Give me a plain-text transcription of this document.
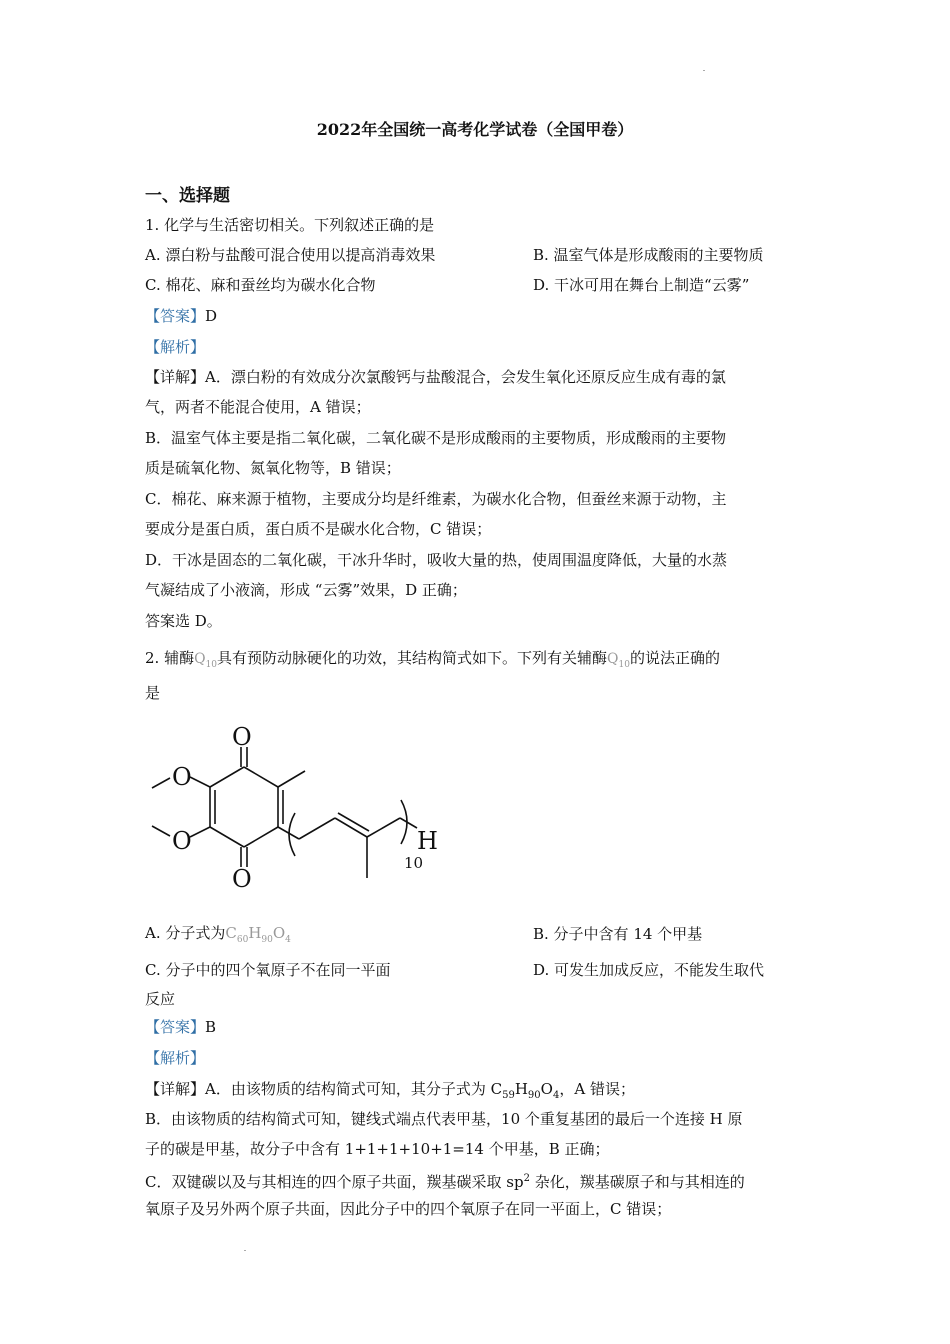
2022年全国统一高考化学试卷（全国甲卷）
一、选择题
1. 化学与生活密切相关。下列叙述正确的是
A. 漂白粉与盐酸可混合使用以提高消毒效果	B. 温室气体是形成酸雨的主要物质
C. 棉花、麻和蚕丝均为碳水化合物	D. 干冰可用在舞台上制造“云雾”
【答案】D
【解析】
【详解】A．漂白粉的有效成分次氯酸钙与盐酸混合，会发生氧化还原反应生成有毒的氯
气，两者不能混合使用，A 错误；
B．温室气体主要是指二氧化碳，二氧化碳不是形成酸雨的主要物质，形成酸雨的主要物
质是硫氧化物、氮氧化物等，B 错误；
C．棉花、麻来源于植物，主要成分均是纤维素，为碳水化合物，但蚕丝来源于动物，主
要成分是蛋白质，蛋白质不是碳水化合物，C 错误；
D．干冰是固态的二氧化碳，干冰升华时，吸收大量的热，使周围温度降低，大量的水蒸
气凝结成了小液滴，形成 “云雾”效果，D 正确；
答案选 D。
2. 辅酶$Q_{10}$具有预防动脉硬化的功效，其结构简式如下。下列有关辅酶$Q_{10}$的说法正确的
是
O
O
O
O	H
10
A. 分子式为$C_{60}H_{90}O_4$	B. 分子中含有 14 个甲基
C. 分子中的四个氧原子不在同一平面	D. 可发生加成反应，不能发生取代
反应
【答案】B
【解析】
【详解】A．由该物质的结构简式可知，其分子式为 $C_{59}H_{90}O_4$，A 错误；
B．由该物质的结构简式可知，键线式端点代表甲基，10 个重复基团的最后一个连接 H 原
子的碳是甲基，故分子中含有 1+1+1+10+1=14 个甲基，B 正确；
C．双键碳以及与其相连的四个原子共面，羰基碳采取 $sp^2$ 杂化，羰基碳原子和与其相连的
氧原子及另外两个原子共面，因此分子中的四个氧原子在同一平面上，C 错误；
